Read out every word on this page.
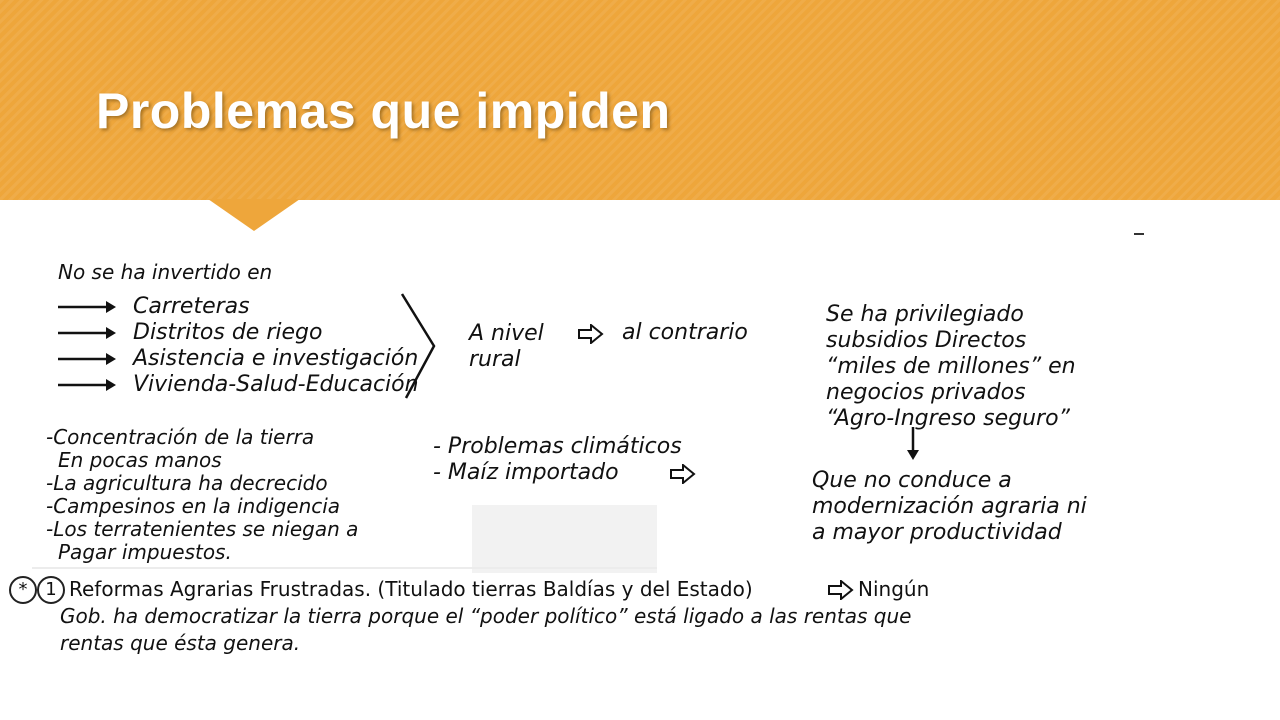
Problemas que impiden
No se ha invertido en
Carreteras
Distritos de riego
Asistencia e investigación
Vivienda-Salud-Educación
A nivel
rural
al contrario
Se ha privilegiado
subsidios Directos
“miles de millones” en
negocios privados
“Agro-Ingreso seguro”
Que no conduce a
modernización agraria ni
a mayor productividad
-Concentración de la tierra
En pocas manos
-La agricultura ha decrecido
-Campesinos en la indigencia
-Los terratenientes se niegan a
Pagar impuestos.
- Problemas climáticos
- Maíz importado
* 1 Reformas Agrarias Frustradas. (Titulado tierras Baldías y del Estado)	Ningún
Gob. ha democratizar la tierra porque el “poder político” está ligado a las rentas que
rentas que ésta genera.
